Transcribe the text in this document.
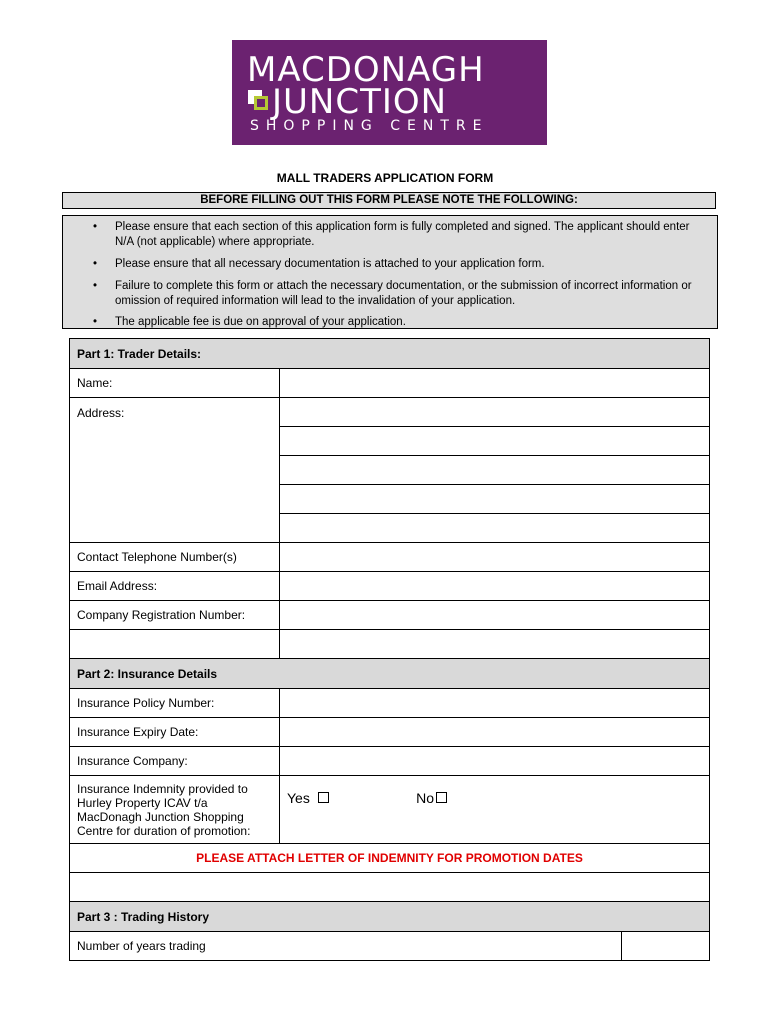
MACDONAGH
JUNCTION
SHOPPING CENTRE
MALL TRADERS APPLICATION FORM
BEFORE FILLING OUT THIS FORM PLEASE NOTE THE FOLLOWING:
• Please ensure that each section of this application form is fully completed and signed. The applicant should enter N/A (not applicable) where appropriate.
• Please ensure that all necessary documentation is attached to your application form.
• Failure to complete this form or attach the necessary documentation, or the submission of incorrect information or omission of required information will lead to the invalidation of your application.
• The applicable fee is due on approval of your application.
Part 1: Trader Details:		
Name:		
Address:		

Contact Telephone Number(s)		
Email Address:		
Company Registration Number:		

Part 2: Insurance Details		
Insurance Policy Number:		
Insurance Expiry Date:		
Insurance Company:		
Insurance Indemnity provided to Hurley Property ICAV t/a MacDonagh Junction Shopping Centre for duration of promotion:	Yes No	
PLEASE ATTACH LETTER OF INDEMNITY FOR PROMOTION DATES		

Part 3 : Trading History		
Number of years trading		
